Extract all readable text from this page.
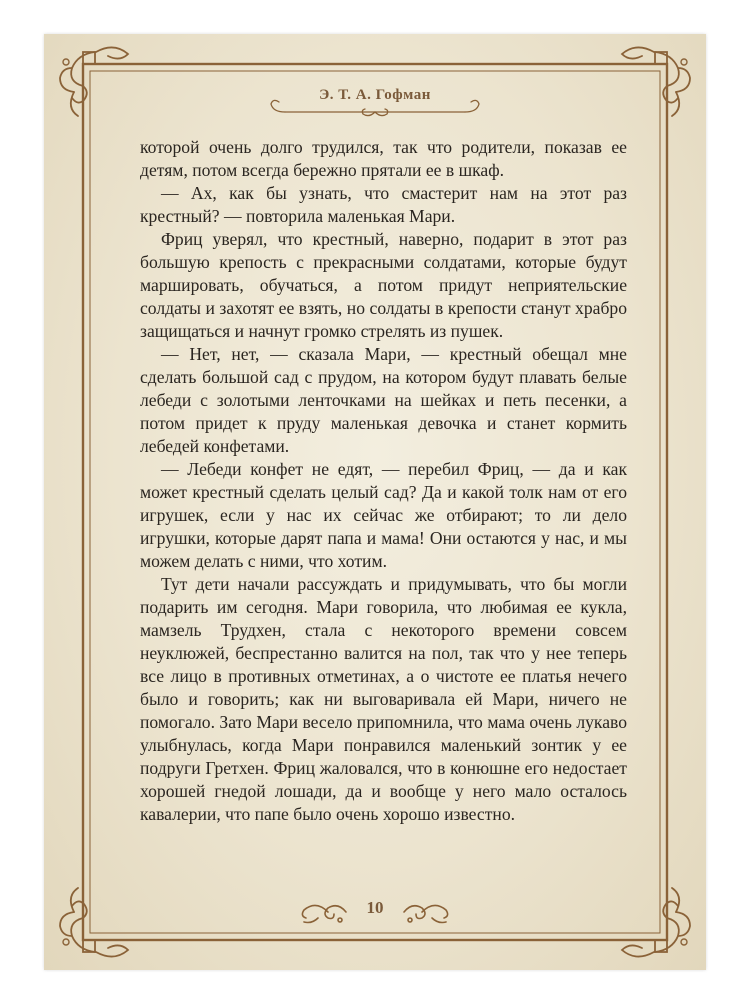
Э. Т. А. Гофман

которой очень долго трудился, так что родители, показав ее детям, потом всегда бережно прятали ее в шкаф.

— Ах, как бы узнать, что смастерит нам на этот раз крестный? — повторила маленькая Мари.

Фриц уверял, что крестный, наверно, подарит в этот раз большую крепость с прекрасными солдатами, которые будут маршировать, обучаться, а потом придут неприятельские солдаты и захотят ее взять, но солдаты в крепости станут храбро защищаться и начнут громко стрелять из пушек.

— Нет, нет, — сказала Мари, — крестный обещал мне сделать большой сад с прудом, на котором будут плавать белые лебеди с золотыми ленточками на шейках и петь песенки, а потом придет к пруду маленькая девочка и станет кормить лебедей конфетами.

— Лебеди конфет не едят, — перебил Фриц, — да и как может крестный сделать целый сад? Да и какой толк нам от его игрушек, если у нас их сейчас же отбирают; то ли дело игрушки, которые дарят папа и мама! Они остаются у нас, и мы можем делать с ними, что хотим.

Тут дети начали рассуждать и придумывать, что бы могли подарить им сегодня. Мари говорила, что любимая ее кукла, мамзель Трудхен, стала с некоторого времени совсем неуклюжей, беспрестанно валится на пол, так что у нее теперь все лицо в противных отметинах, а о чистоте ее платья нечего было и говорить; как ни выговаривала ей Мари, ничего не помогало. Зато Мари весело припомнила, что мама очень лукаво улыбнулась, когда Мари понравился маленький зонтик у ее подруги Гретхен. Фриц жаловался, что в конюшне его недостает хорошей гнедой лошади, да и вообще у него мало осталось кавалерии, что папе было очень хорошо известно.

10
